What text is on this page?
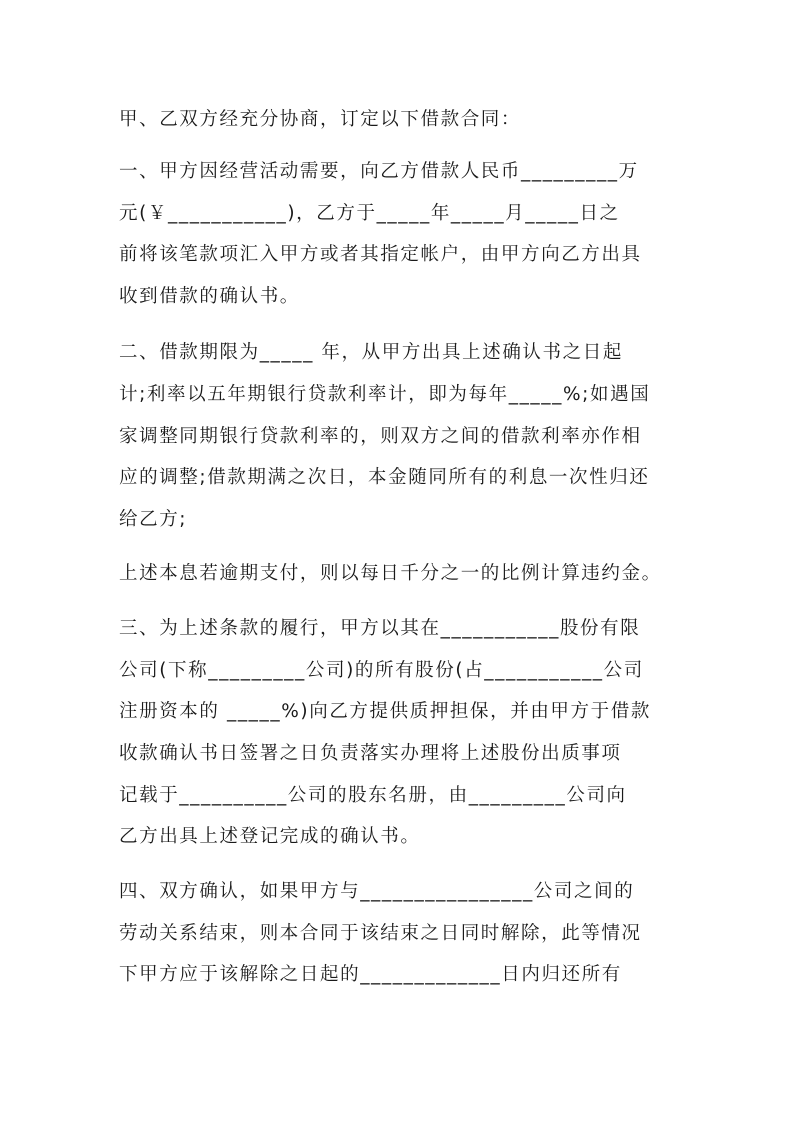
甲、乙双方经充分协商，订定以下借款合同：
一、甲方因经营活动需要，向乙方借款人民币_________万
元(￥___________)，乙方于_____年_____月_____日之
前将该笔款项汇入甲方或者其指定帐户，由甲方向乙方出具
收到借款的确认书。
二、借款期限为_____ 年，从甲方出具上述确认书之日起
计;利率以五年期银行贷款利率计，即为每年_____%;如遇国
家调整同期银行贷款利率的，则双方之间的借款利率亦作相
应的调整;借款期满之次日，本金随同所有的利息一次性归还
给乙方;
上述本息若逾期支付，则以每日千分之一的比例计算违约金。
三、为上述条款的履行，甲方以其在___________股份有限
公司(下称_________公司)的所有股份(占___________公司
注册资本的 _____%)向乙方提供质押担保，并由甲方于借款
收款确认书日签署之日负责落实办理将上述股份出质事项
记载于__________公司的股东名册，由_________公司向
乙方出具上述登记完成的确认书。
四、双方确认，如果甲方与________________公司之间的
劳动关系结束，则本合同于该结束之日同时解除，此等情况
下甲方应于该解除之日起的_____________日内归还所有
